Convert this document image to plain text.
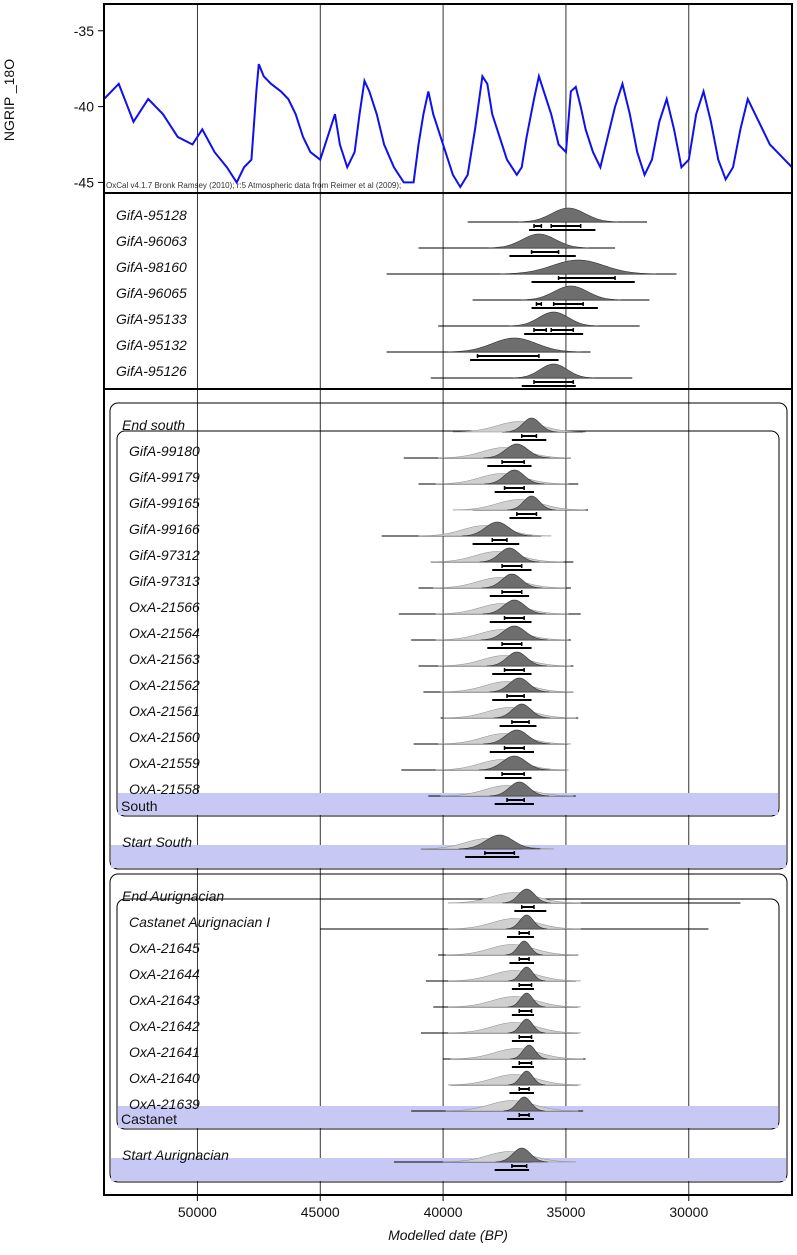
NGRIP _18O
Modelled date (BP)
OxCal v4.1.7 Bronk Ramsey (2010); r:5 Atmospheric data from Reimer et al (2009);
-35
-40
-45
South
Castanet
GifA-95128
GifA-96063
GifA-98160
GifA-96065
GifA-95133
GifA-95132
GifA-95126
End south
GifA-99180
GifA-99179
GifA-99165
GifA-99166
GifA-97312
GifA-97313
OxA-21566
OxA-21564
OxA-21563
OxA-21562
OxA-21561
OxA-21560
OxA-21559
OxA-21558
Start South
End Aurignacian
Castanet Aurignacian I
OxA-21645
OxA-21644
OxA-21643
OxA-21642
OxA-21641
OxA-21640
OxA-21639
Start Aurignacian
50000	45000	40000	35000	30000
